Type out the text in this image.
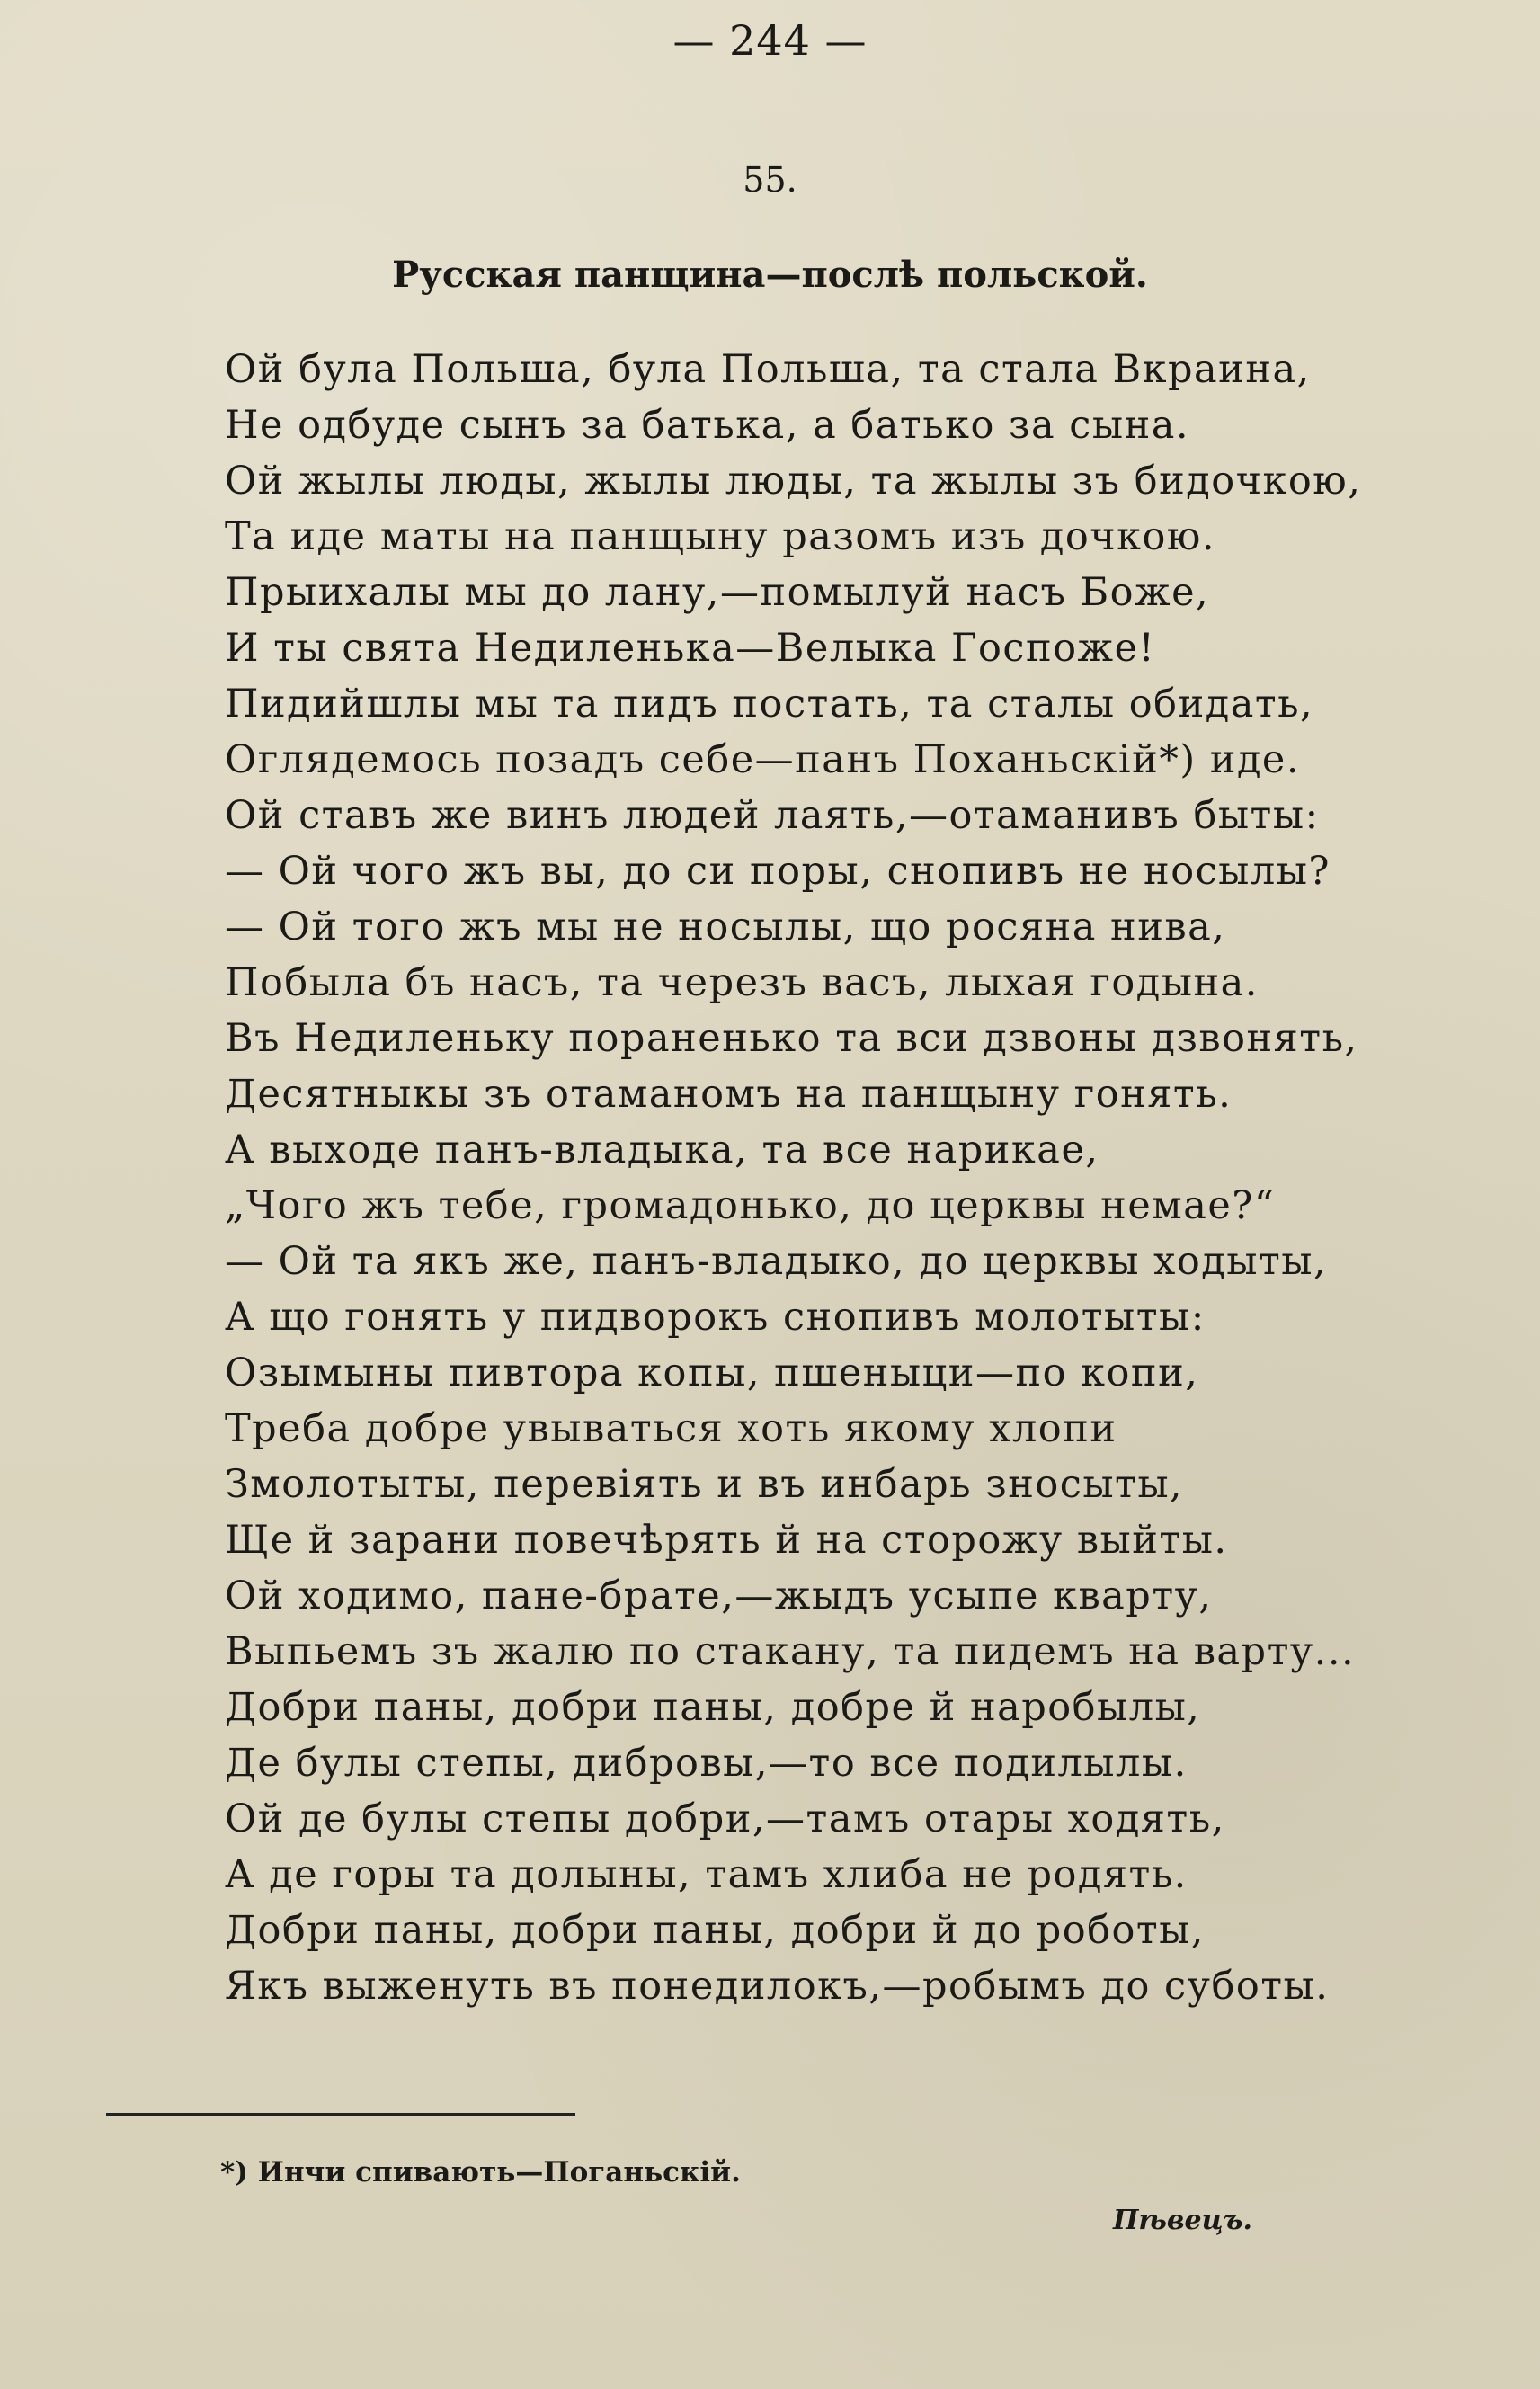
— 244 —
55.
Русская панщина—послѣ польской.
Ой була Польша, була Польша, та стала Вкраина,
Не одбуде сынъ за батька, а батько за сына.
Ой жылы люды, жылы люды, та жылы зъ бидочкою,
Та иде маты на панщыну разомъ изъ дочкою.
Прыихалы мы до лану,—помылуй насъ Боже,
И ты свята Недиленька—Велыка Госпоже!
Пидийшлы мы та пидъ постать, та сталы обидать,
Оглядемось позадъ себе—панъ Поханьскій*) иде.
Ой ставъ же винъ людей лаять,—отаманивъ быты:
— Ой чого жъ вы, до си поры, снопивъ не носылы?
— Ой того жъ мы не носылы, що росяна нива,
Побыла бъ насъ, та черезъ васъ, лыхая годына.
Въ Недиленьку пораненько та вси дзвоны дзвонять,
Десятныкы зъ отаманомъ на панщыну гонять.
А выходе панъ-владыка, та все нарикае,
„Чого жъ тебе, громадонько, до церквы немае?“
— Ой та якъ же, панъ-владыко, до церквы ходыты,
А що гонять у пидворокъ снопивъ молотыты:
Озымыны пивтора копы, пшеныци—по копи,
Треба добре увываться хоть якому хлопи
Змолотыты, перевіять и въ инбарь зносыты,
Ще й зарани повечѣрять й на сторожу выйты.
Ой ходимо, пане-брате,—жыдъ усыпе кварту,
Выпьемъ зъ жалю по стакану, та пидемъ на варту...
Добри паны, добри паны, добре й наробылы,
Де булы степы, дибровы,—то все подилылы.
Ой де булы степы добри,—тамъ отары ходять,
А де горы та долыны, тамъ хлиба не родять.
Добри паны, добри паны, добри й до роботы,
Якъ выженуть въ понедилокъ,—робымъ до суботы.
*) Инчи спивають—Поганьскій.
Пѣвецъ.
